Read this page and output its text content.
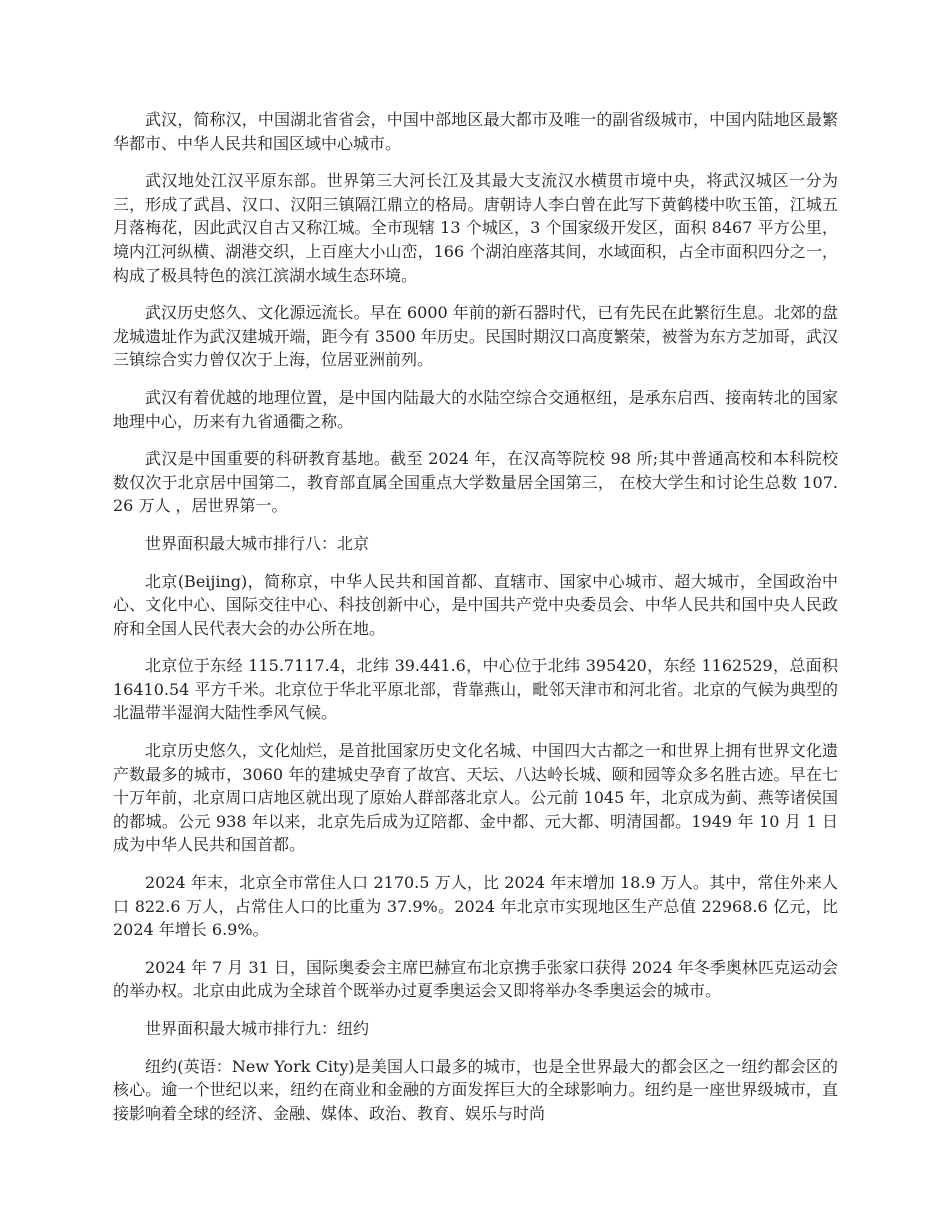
武汉，简称汉，中国湖北省省会，中国中部地区最大都市及唯一的副省级城市，中国内陆地区最繁华都市、中华人民共和国区域中心城市。

武汉地处江汉平原东部。世界第三大河长江及其最大支流汉水横贯市境中央，将武汉城区一分为三，形成了武昌、汉口、汉阳三镇隔江鼎立的格局。唐朝诗人李白曾在此写下黄鹤楼中吹玉笛，江城五月落梅花，因此武汉自古又称江城。全市现辖 13 个城区，3 个国家级开发区，面积 8467 平方公里，境内江河纵横、湖港交织，上百座大小山峦，166 个湖泊座落其间，水域面积，占全市面积四分之一，构成了极具特色的滨江滨湖水域生态环境。

武汉历史悠久、文化源远流长。早在 6000 年前的新石器时代，已有先民在此繁衍生息。北郊的盘龙城遗址作为武汉建城开端，距今有 3500 年历史。民国时期汉口高度繁荣，被誉为东方芝加哥，武汉三镇综合实力曾仅次于上海，位居亚洲前列。

武汉有着优越的地理位置，是中国内陆最大的水陆空综合交通枢纽，是承东启西、接南转北的国家地理中心，历来有九省通衢之称。

武汉是中国重要的科研教育基地。截至 2024 年，在汉高等院校 98 所;其中普通高校和本科院校数仅次于北京居中国第二，教育部直属全国重点大学数量居全国第三， 在校大学生和讨论生总数 107.26 万人 ，居世界第一。

世界面积最大城市排行八：北京

北京(Beijing)，简称京，中华人民共和国首都、直辖市、国家中心城市、超大城市，全国政治中心、文化中心、国际交往中心、科技创新中心，是中国共产党中央委员会、中华人民共和国中央人民政府和全国人民代表大会的办公所在地。

北京位于东经 115.7117.4，北纬 39.441.6，中心位于北纬 395420，东经 1162529，总面积 16410.54 平方千米。北京位于华北平原北部，背靠燕山，毗邻天津市和河北省。北京的气候为典型的北温带半湿润大陆性季风气候。

北京历史悠久，文化灿烂，是首批国家历史文化名城、中国四大古都之一和世界上拥有世界文化遗产数最多的城市，3060 年的建城史孕育了故宫、天坛、八达岭长城、颐和园等众多名胜古迹。早在七十万年前，北京周口店地区就出现了原始人群部落北京人。公元前 1045 年，北京成为蓟、燕等诸侯国的都城。公元 938 年以来，北京先后成为辽陪都、金中都、元大都、明清国都。1949 年 10 月 1 日成为中华人民共和国首都。

2024 年末，北京全市常住人口 2170.5 万人，比 2024 年末增加 18.9 万人。其中，常住外来人口 822.6 万人，占常住人口的比重为 37.9%。2024 年北京市实现地区生产总值 22968.6 亿元，比 2024 年增长 6.9%。

2024 年 7 月 31 日，国际奥委会主席巴赫宣布北京携手张家口获得 2024 年冬季奥林匹克运动会的举办权。北京由此成为全球首个既举办过夏季奥运会又即将举办冬季奥运会的城市。

世界面积最大城市排行九：纽约

纽约(英语：New York City)是美国人口最多的城市，也是全世界最大的都会区之一纽约都会区的核心。逾一个世纪以来，纽约在商业和金融的方面发挥巨大的全球影响力。纽约是一座世界级城市，直接影响着全球的经济、金融、媒体、政治、教育、娱乐与时尚
